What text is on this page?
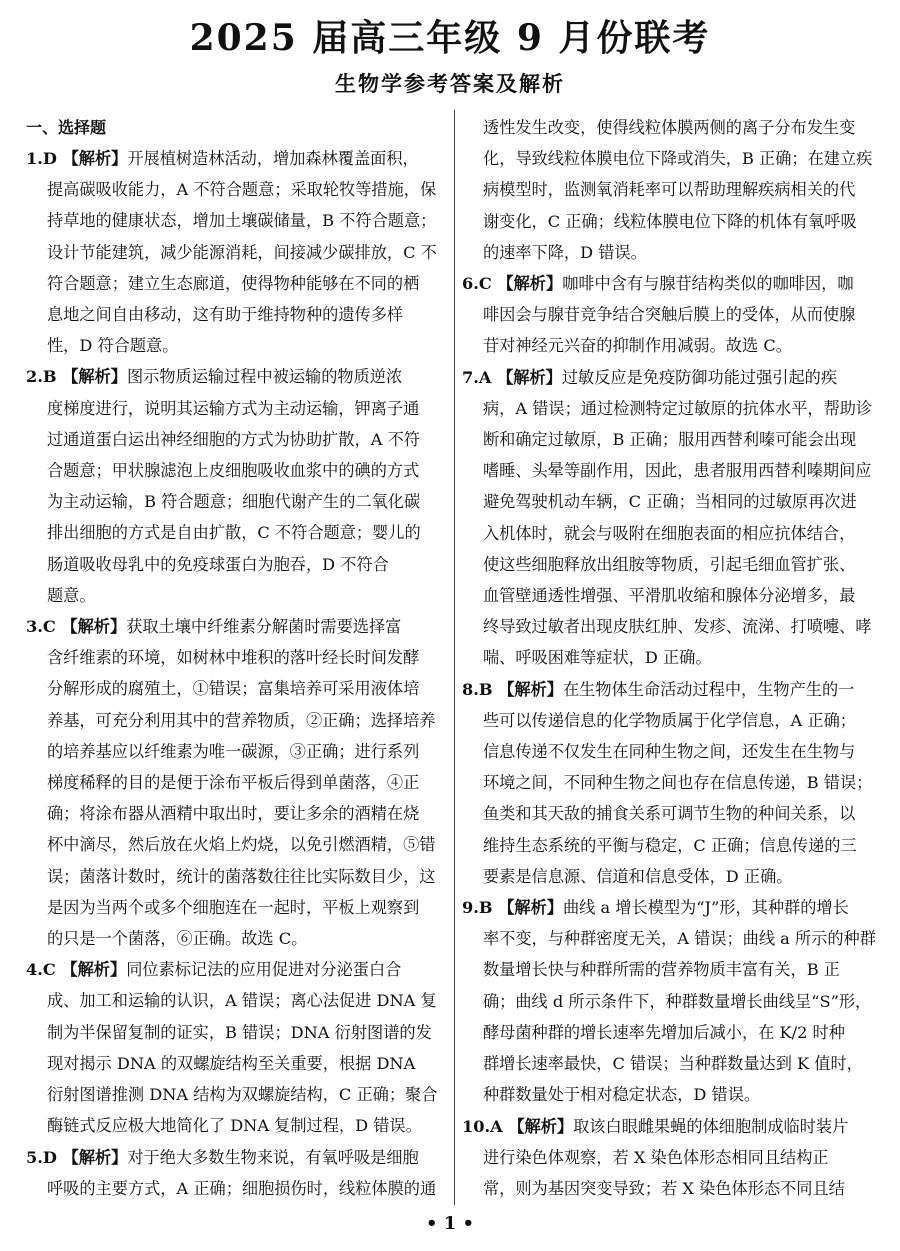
2025 届高三年级 9 月份联考
生物学参考答案及解析
一、选择题
1.D 【解析】开展植树造林活动，增加森林覆盖面积，
提高碳吸收能力，A 不符合题意；采取轮牧等措施，保
持草地的健康状态，增加土壤碳储量，B 不符合题意；
设计节能建筑，减少能源消耗，间接减少碳排放，C 不
符合题意；建立生态廊道，使得物种能够在不同的栖
息地之间自由移动，这有助于维持物种的遗传多样
性，D 符合题意。
2.B 【解析】图示物质运输过程中被运输的物质逆浓
度梯度进行，说明其运输方式为主动运输，钾离子通
过通道蛋白运出神经细胞的方式为协助扩散，A 不符
合题意；甲状腺滤泡上皮细胞吸收血浆中的碘的方式
为主动运输，B 符合题意；细胞代谢产生的二氧化碳
排出细胞的方式是自由扩散，C 不符合题意；婴儿的
肠道吸收母乳中的免疫球蛋白为胞吞，D 不符合
题意。
3.C 【解析】获取土壤中纤维素分解菌时需要选择富
含纤维素的环境，如树林中堆积的落叶经长时间发酵
分解形成的腐殖土，①错误；富集培养可采用液体培
养基，可充分利用其中的营养物质，②正确；选择培养
的培养基应以纤维素为唯一碳源，③正确；进行系列
梯度稀释的目的是便于涂布平板后得到单菌落，④正
确；将涂布器从酒精中取出时，要让多余的酒精在烧
杯中滴尽，然后放在火焰上灼烧，以免引燃酒精，⑤错
误；菌落计数时，统计的菌落数往往比实际数目少，这
是因为当两个或多个细胞连在一起时，平板上观察到
的只是一个菌落，⑥正确。故选 C。
4.C 【解析】同位素标记法的应用促进对分泌蛋白合
成、加工和运输的认识，A 错误；离心法促进 DNA 复
制为半保留复制的证实，B 错误；DNA 衍射图谱的发
现对揭示 DNA 的双螺旋结构至关重要，根据 DNA
衍射图谱推测 DNA 结构为双螺旋结构，C 正确；聚合
酶链式反应极大地简化了 DNA 复制过程，D 错误。
5.D 【解析】对于绝大多数生物来说，有氧呼吸是细胞
呼吸的主要方式，A 正确；细胞损伤时，线粒体膜的通
透性发生改变，使得线粒体膜两侧的离子分布发生变
化，导致线粒体膜电位下降或消失，B 正确；在建立疾
病模型时，监测氧消耗率可以帮助理解疾病相关的代
谢变化，C 正确；线粒体膜电位下降的机体有氧呼吸
的速率下降，D 错误。
6.C 【解析】咖啡中含有与腺苷结构类似的咖啡因，咖
啡因会与腺苷竞争结合突触后膜上的受体，从而使腺
苷对神经元兴奋的抑制作用减弱。故选 C。
7.A 【解析】过敏反应是免疫防御功能过强引起的疾
病，A 错误；通过检测特定过敏原的抗体水平，帮助诊
断和确定过敏原，B 正确；服用西替利嗪可能会出现
嗜睡、头晕等副作用，因此，患者服用西替利嗪期间应
避免驾驶机动车辆，C 正确；当相同的过敏原再次进
入机体时，就会与吸附在细胞表面的相应抗体结合，
使这些细胞释放出组胺等物质，引起毛细血管扩张、
血管壁通透性增强、平滑肌收缩和腺体分泌增多，最
终导致过敏者出现皮肤红肿、发疹、流涕、打喷嚏、哮
喘、呼吸困难等症状，D 正确。
8.B 【解析】在生物体生命活动过程中，生物产生的一
些可以传递信息的化学物质属于化学信息，A 正确；
信息传递不仅发生在同种生物之间，还发生在生物与
环境之间，不同种生物之间也存在信息传递，B 错误；
鱼类和其天敌的捕食关系可调节生物的种间关系，以
维持生态系统的平衡与稳定，C 正确；信息传递的三
要素是信息源、信道和信息受体，D 正确。
9.B 【解析】曲线 a 增长模型为“J”形，其种群的增长
率不变，与种群密度无关，A 错误；曲线 a 所示的种群
数量增长快与种群所需的营养物质丰富有关，B 正
确；曲线 d 所示条件下，种群数量增长曲线呈“S”形，
酵母菌种群的增长速率先增加后减小，在 K/2 时种
群增长速率最快，C 错误；当种群数量达到 K 值时，
种群数量处于相对稳定状态，D 错误。
10.A 【解析】取该白眼雌果蝇的体细胞制成临时装片
进行染色体观察，若 X 染色体形态相同且结构正
常，则为基因突变导致；若 X 染色体形态不同且结
• 1 •
